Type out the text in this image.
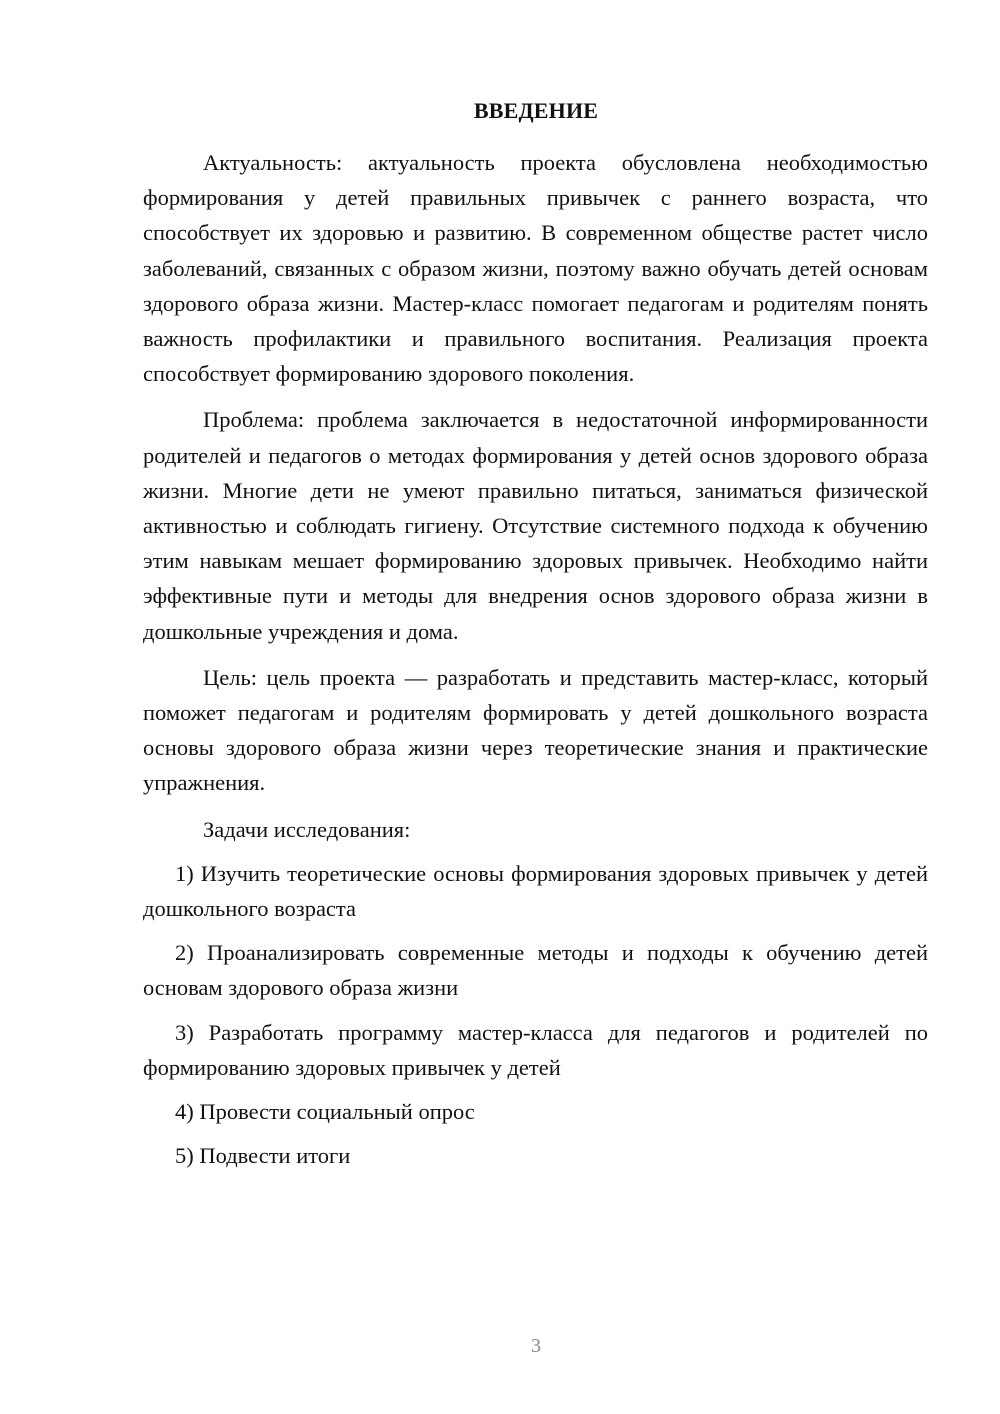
ВВЕДЕНИЕ

Актуальность: актуальность проекта обусловлена необходимостью формирования у детей правильных привычек с раннего возраста, что способствует их здоровью и развитию. В современном обществе растет число заболеваний, связанных с образом жизни, поэтому важно обучать детей основам здорового образа жизни. Мастер-класс помогает педагогам и родителям понять важность профилактики и правильного воспитания. Реализация проекта способствует формированию здорового поколения.

Проблема: проблема заключается в недостаточной информированности родителей и педагогов о методах формирования у детей основ здорового образа жизни. Многие дети не умеют правильно питаться, заниматься физической активностью и соблюдать гигиену. Отсутствие системного подхода к обучению этим навыкам мешает формированию здоровых привычек. Необходимо найти эффективные пути и методы для внедрения основ здорового образа жизни в дошкольные учреждения и дома.

Цель: цель проекта — разработать и представить мастер-класс, который поможет педагогам и родителям формировать у детей дошкольного возраста основы здорового образа жизни через теоретические знания и практические упражнения.

Задачи исследования:

1) Изучить теоретические основы формирования здоровых привычек у детей дошкольного возраста

2) Проанализировать современные методы и подходы к обучению детей основам здорового образа жизни

3) Разработать программу мастер-класса для педагогов и родителей по формированию здоровых привычек у детей

4) Провести социальный опрос

5) Подвести итоги

3
